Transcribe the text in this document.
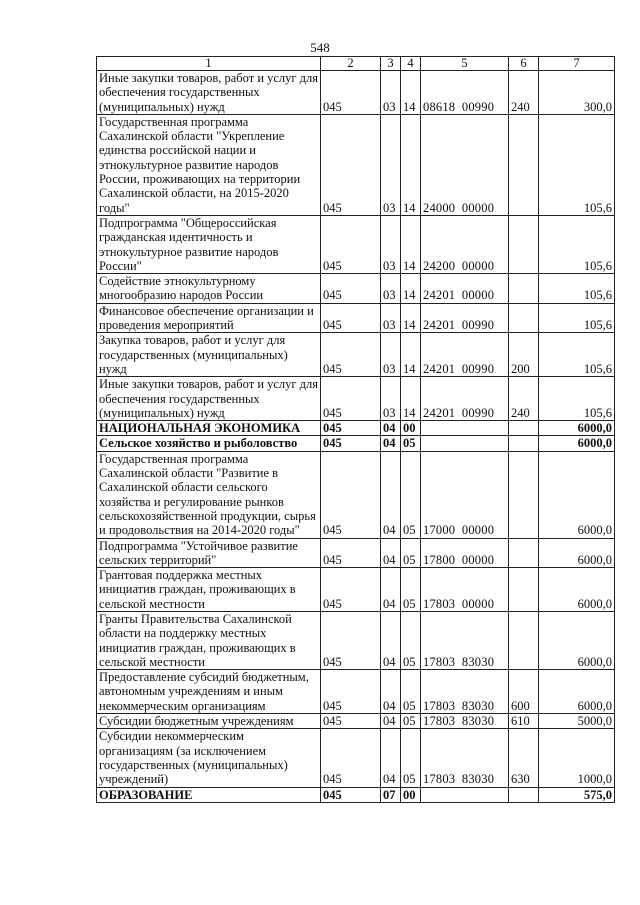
548
1	2	3	4	5	6	7
Иные закупки товаров, работ и услуг для обеспечения государственных (муниципальных) нужд	045	03	14	08618  00990	240	300,0
Государственная программа Сахалинской области "Укрепление единства российской нации и этнокультурное развитие народов России, проживающих на территории Сахалинской области, на 2015-2020 годы"	045	03	14	24000  00000		105,6
Подпрограмма "Общероссийская гражданская идентичность и этнокультурное развитие народов России"	045	03	14	24200  00000		105,6
Содействие этнокультурному многообразию народов России	045	03	14	24201  00000		105,6
Финансовое обеспечение организации и проведения мероприятий	045	03	14	24201  00990		105,6
Закупка товаров, работ и услуг для государственных (муниципальных) нужд	045	03	14	24201  00990	200	105,6
Иные закупки товаров, работ и услуг для обеспечения государственных (муниципальных) нужд	045	03	14	24201  00990	240	105,6
НАЦИОНАЛЬНАЯ ЭКОНОМИКА	045	04	00			6000,0
Сельское хозяйство и рыболовство	045	04	05			6000,0
Государственная программа Сахалинской области "Развитие в Сахалинской области сельского хозяйства и регулирование рынков сельскохозяйственной продукции, сырья и продовольствия на 2014-2020 годы"	045	04	05	17000  00000		6000,0
Подпрограмма "Устойчивое развитие сельских территорий"	045	04	05	17800  00000		6000,0
Грантовая поддержка местных инициатив граждан, проживающих в сельской местности	045	04	05	17803  00000		6000,0
Гранты Правительства Сахалинской области на поддержку местных инициатив граждан, проживающих в сельской местности	045	04	05	17803  83030		6000,0
Предоставление субсидий бюджетным, автономным учреждениям и иным некоммерческим организациям	045	04	05	17803  83030	600	6000,0
Субсидии бюджетным учреждениям	045	04	05	17803  83030	610	5000,0
Субсидии некоммерческим организациям (за исключением государственных (муниципальных) учреждений)	045	04	05	17803  83030	630	1000,0
ОБРАЗОВАНИЕ	045	07	00			575,0
